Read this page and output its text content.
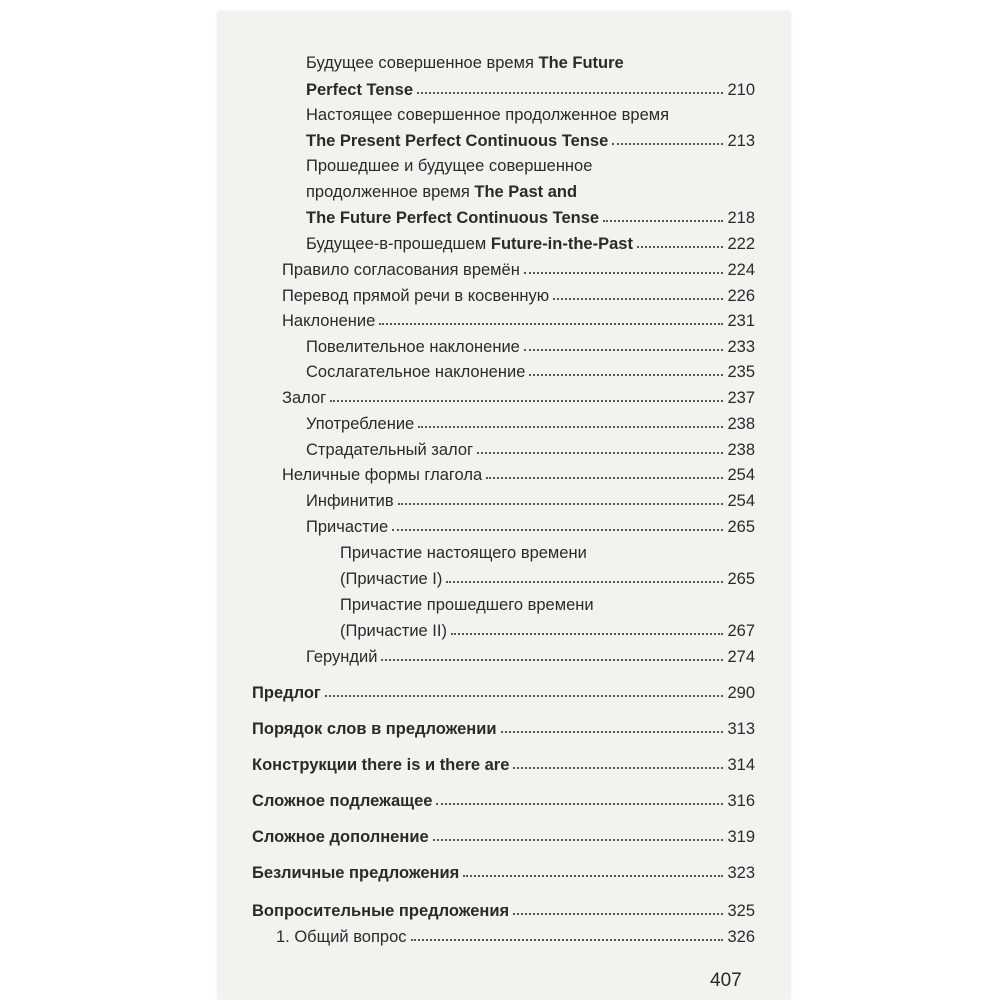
Будущее совершенное время The Future
Perfect Tense	210
Настоящее совершенное продолженное время
The Present Perfect Continuous Tense	213
Прошедшее и будущее совершенное
продолженное время The Past and
The Future Perfect Continuous Tense	218
Будущее-в-прошедшем Future-in-the-Past	222
Правило согласования времён	224
Перевод прямой речи в косвенную	226
Наклонение	231
Повелительное наклонение	233
Сослагательное наклонение	235
Залог	237
Употребление	238
Страдательный залог	238
Неличные формы глагола	254
Инфинитив	254
Причастие	265
Причастие настоящего времени
(Причастие I)	265
Причастие прошедшего времени
(Причастие II)	267
Герундий	274
Предлог	290
Порядок слов в предложении	313
Конструкции there is и there are	314
Сложное подлежащее	316
Сложное дополнение	319
Безличные предложения	323
Вопросительные предложения	325
1. Общий вопрос	326
407
